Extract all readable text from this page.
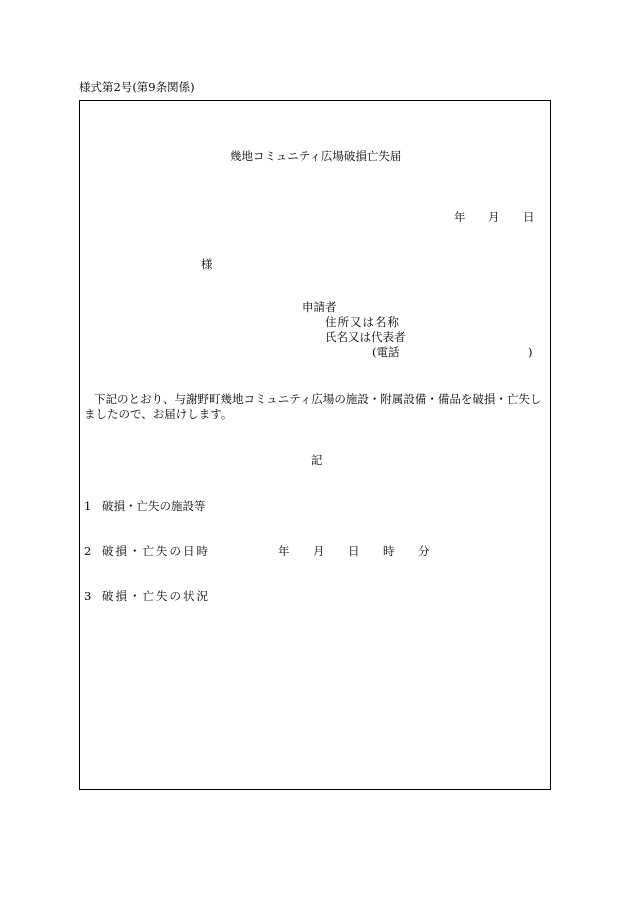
様式第2号(第9条関係)
幾地コミュニティ広場破損亡失届
年 月 日
様
申請者
住所又は名称
氏名又は代表者
(電話	)
下記のとおり、与謝野町幾地コミュニティ広場の施設・附属設備・備品を破損・亡失し
ましたので、お届けします。
記
1 破損・亡失の施設等
2 破損・亡失の日時	年 月 日 時 分
3 破損・亡失の状況
